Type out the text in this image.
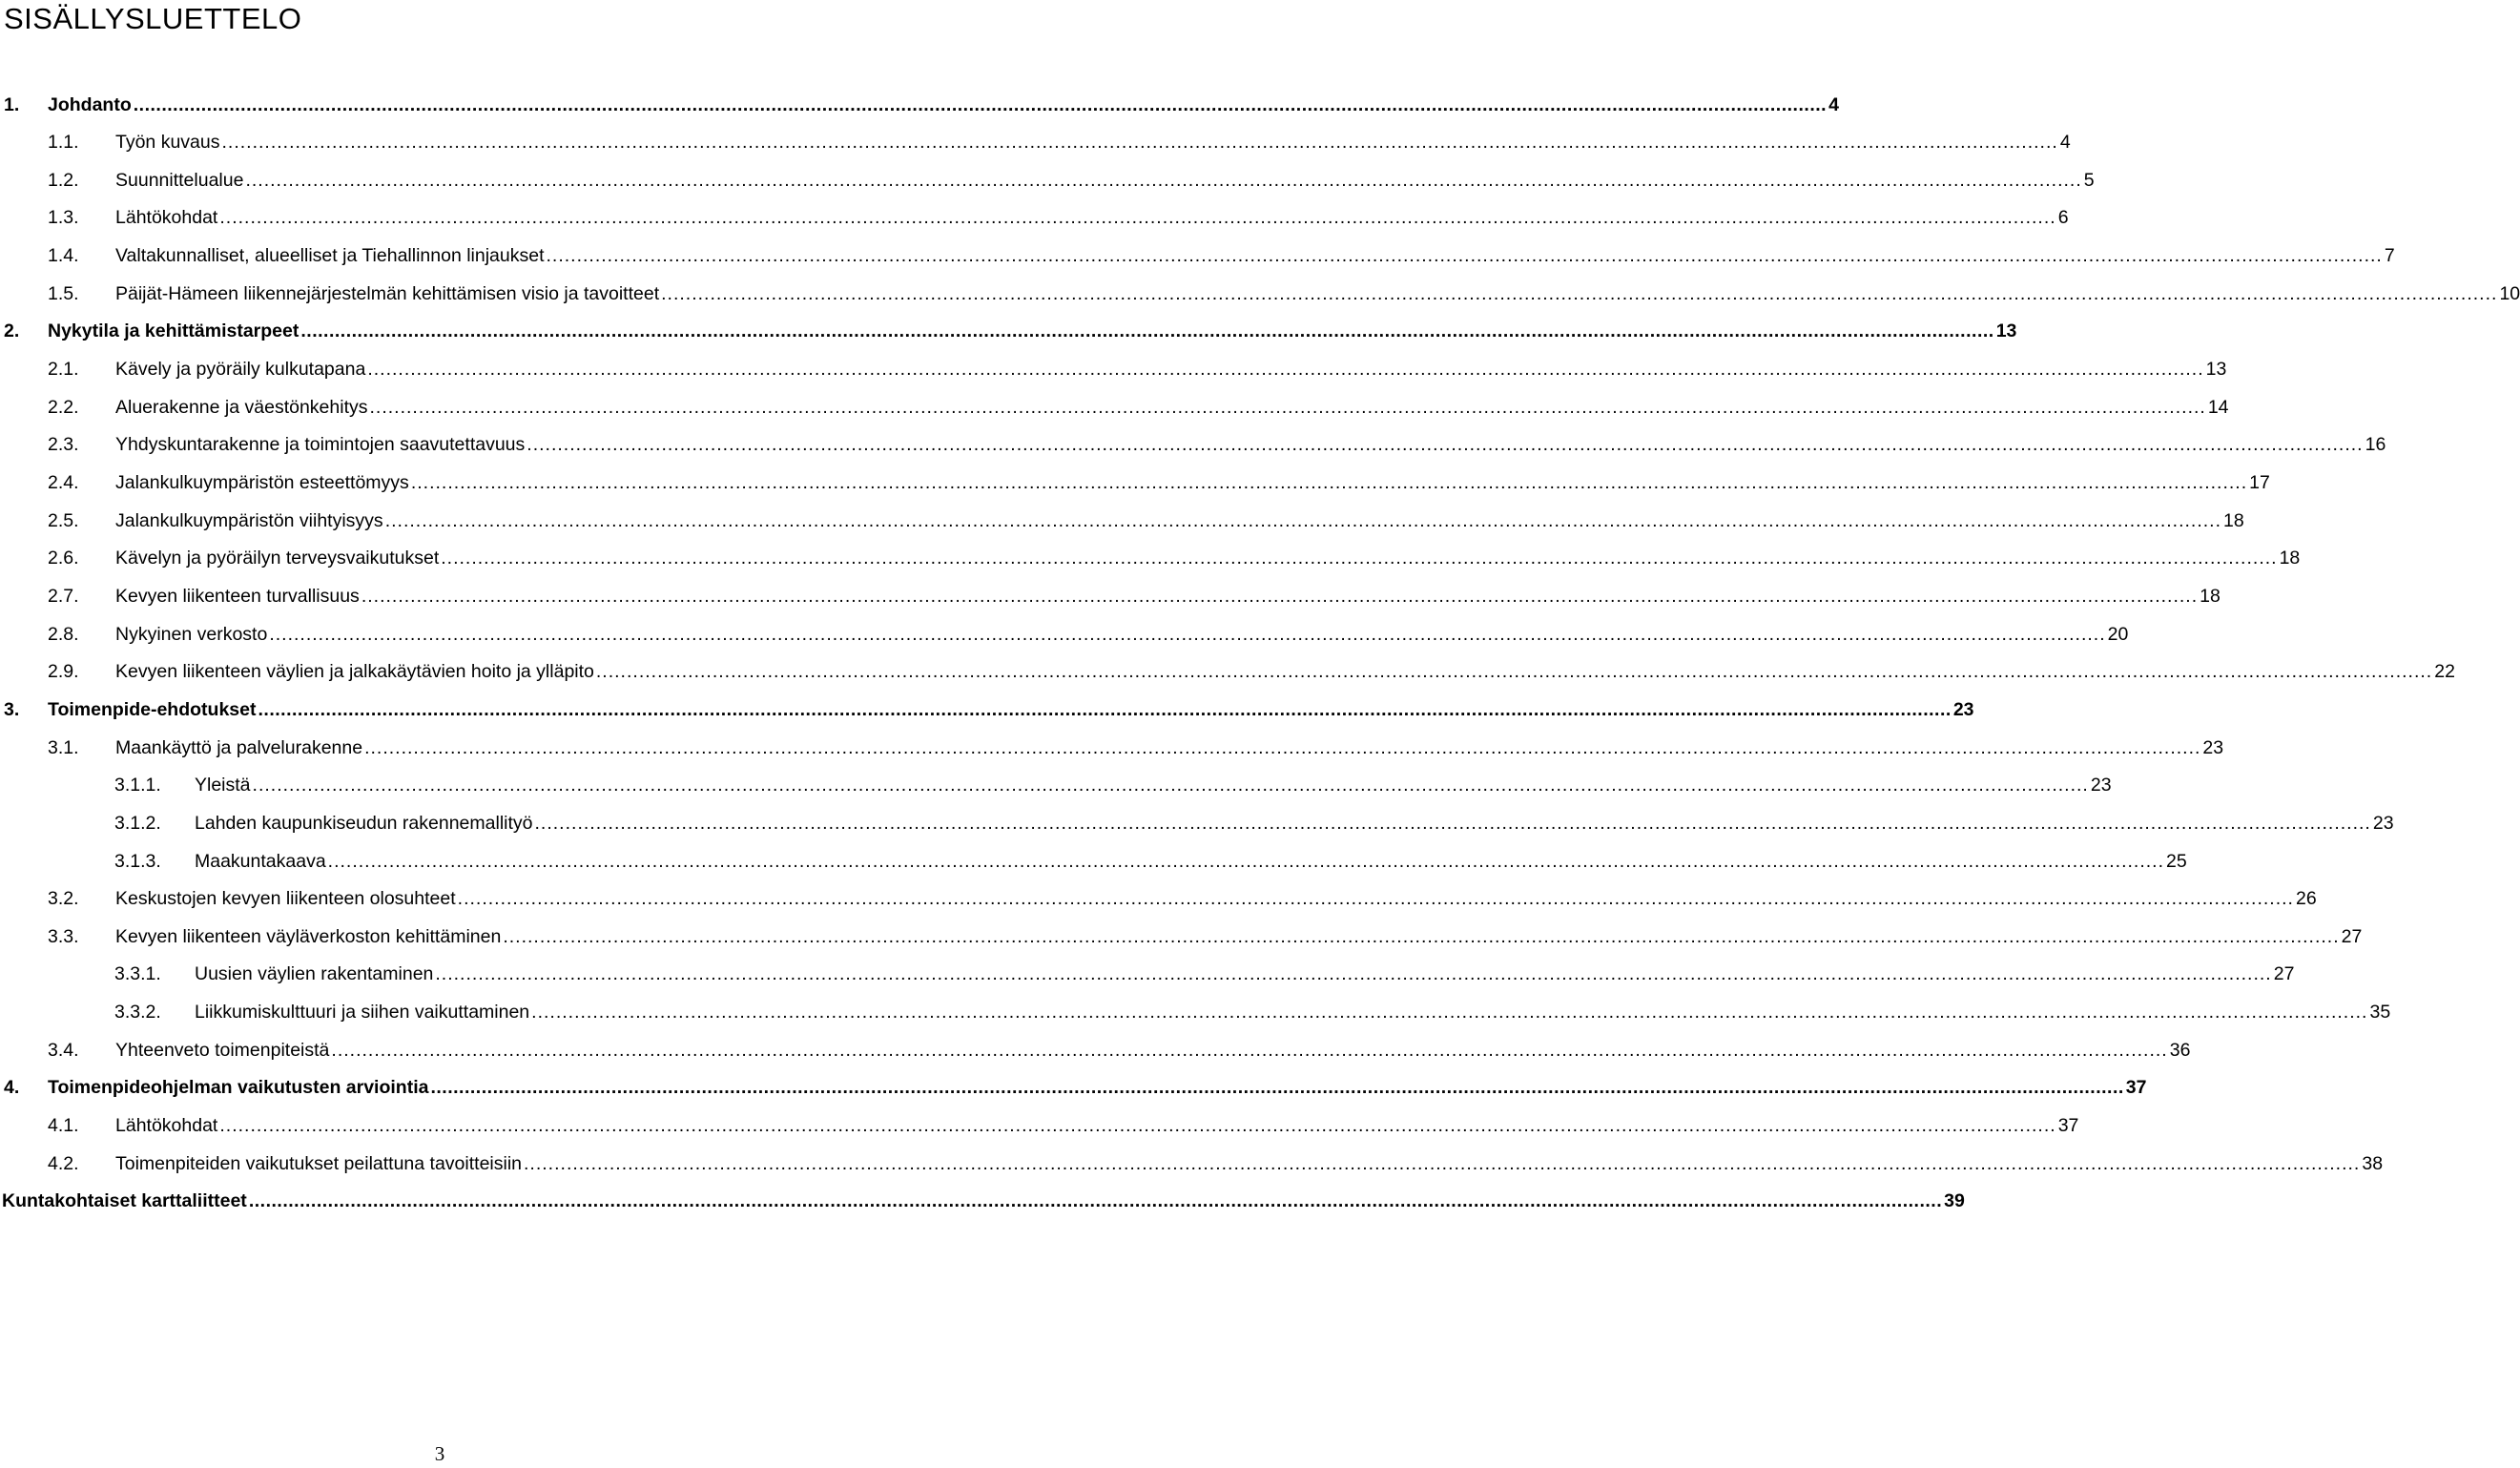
SISÄLLYSLUETTELO
1.	Johdanto ............................................................................................................................................................................................................................................................................................................ 4
1.1.	Työn kuvaus ............................................................................................................................................................................................................................................................................................................ 4
1.2.	Suunnittelualue ............................................................................................................................................................................................................................................................................................................ 5
1.3.	Lähtökohdat ............................................................................................................................................................................................................................................................................................................ 6
1.4.	Valtakunnalliset, alueelliset ja Tiehallinnon linjaukset ............................................................................................................................................................................................................................................................................................................ 7
1.5.	Päijät-Hämeen liikennejärjestelmän kehittämisen visio ja tavoitteet ............................................................................................................................................................................................................................................................................................................ 10
2.	Nykytila ja kehittämistarpeet ............................................................................................................................................................................................................................................................................................................ 13
2.1.	Kävely ja pyöräily kulkutapana ............................................................................................................................................................................................................................................................................................................ 13
2.2.	Aluerakenne ja väestönkehitys ............................................................................................................................................................................................................................................................................................................ 14
2.3.	Yhdyskuntarakenne ja toimintojen saavutettavuus ............................................................................................................................................................................................................................................................................................................ 16
2.4.	Jalankulkuympäristön esteettömyys ............................................................................................................................................................................................................................................................................................................ 17
2.5.	Jalankulkuympäristön viihtyisyys ............................................................................................................................................................................................................................................................................................................ 18
2.6.	Kävelyn ja pyöräilyn terveysvaikutukset ............................................................................................................................................................................................................................................................................................................ 18
2.7.	Kevyen liikenteen turvallisuus ............................................................................................................................................................................................................................................................................................................ 18
2.8.	Nykyinen verkosto ............................................................................................................................................................................................................................................................................................................ 20
2.9.	Kevyen liikenteen väylien ja jalkakäytävien hoito ja ylläpito ............................................................................................................................................................................................................................................................................................................ 22
3.	Toimenpide-ehdotukset ............................................................................................................................................................................................................................................................................................................ 23
3.1.	Maankäyttö ja palvelurakenne ............................................................................................................................................................................................................................................................................................................ 23
3.1.1.	Yleistä ............................................................................................................................................................................................................................................................................................................ 23
3.1.2.	Lahden kaupunkiseudun rakennemallityö ............................................................................................................................................................................................................................................................................................................ 23
3.1.3.	Maakuntakaava ............................................................................................................................................................................................................................................................................................................ 25
3.2.	Keskustojen kevyen liikenteen olosuhteet ............................................................................................................................................................................................................................................................................................................ 26
3.3.	Kevyen liikenteen väyläverkoston kehittäminen ............................................................................................................................................................................................................................................................................................................ 27
3.3.1.	Uusien väylien rakentaminen ............................................................................................................................................................................................................................................................................................................ 27
3.3.2.	Liikkumiskulttuuri ja siihen vaikuttaminen ............................................................................................................................................................................................................................................................................................................ 35
3.4.	Yhteenveto toimenpiteistä ............................................................................................................................................................................................................................................................................................................ 36
4.	Toimenpideohjelman vaikutusten arviointia ............................................................................................................................................................................................................................................................................................................ 37
4.1.	Lähtökohdat ............................................................................................................................................................................................................................................................................................................ 37
4.2.	Toimenpiteiden vaikutukset peilattuna tavoitteisiin ............................................................................................................................................................................................................................................................................................................ 38
Kuntakohtaiset karttaliitteet ............................................................................................................................................................................................................................................................................................................ 39
3
